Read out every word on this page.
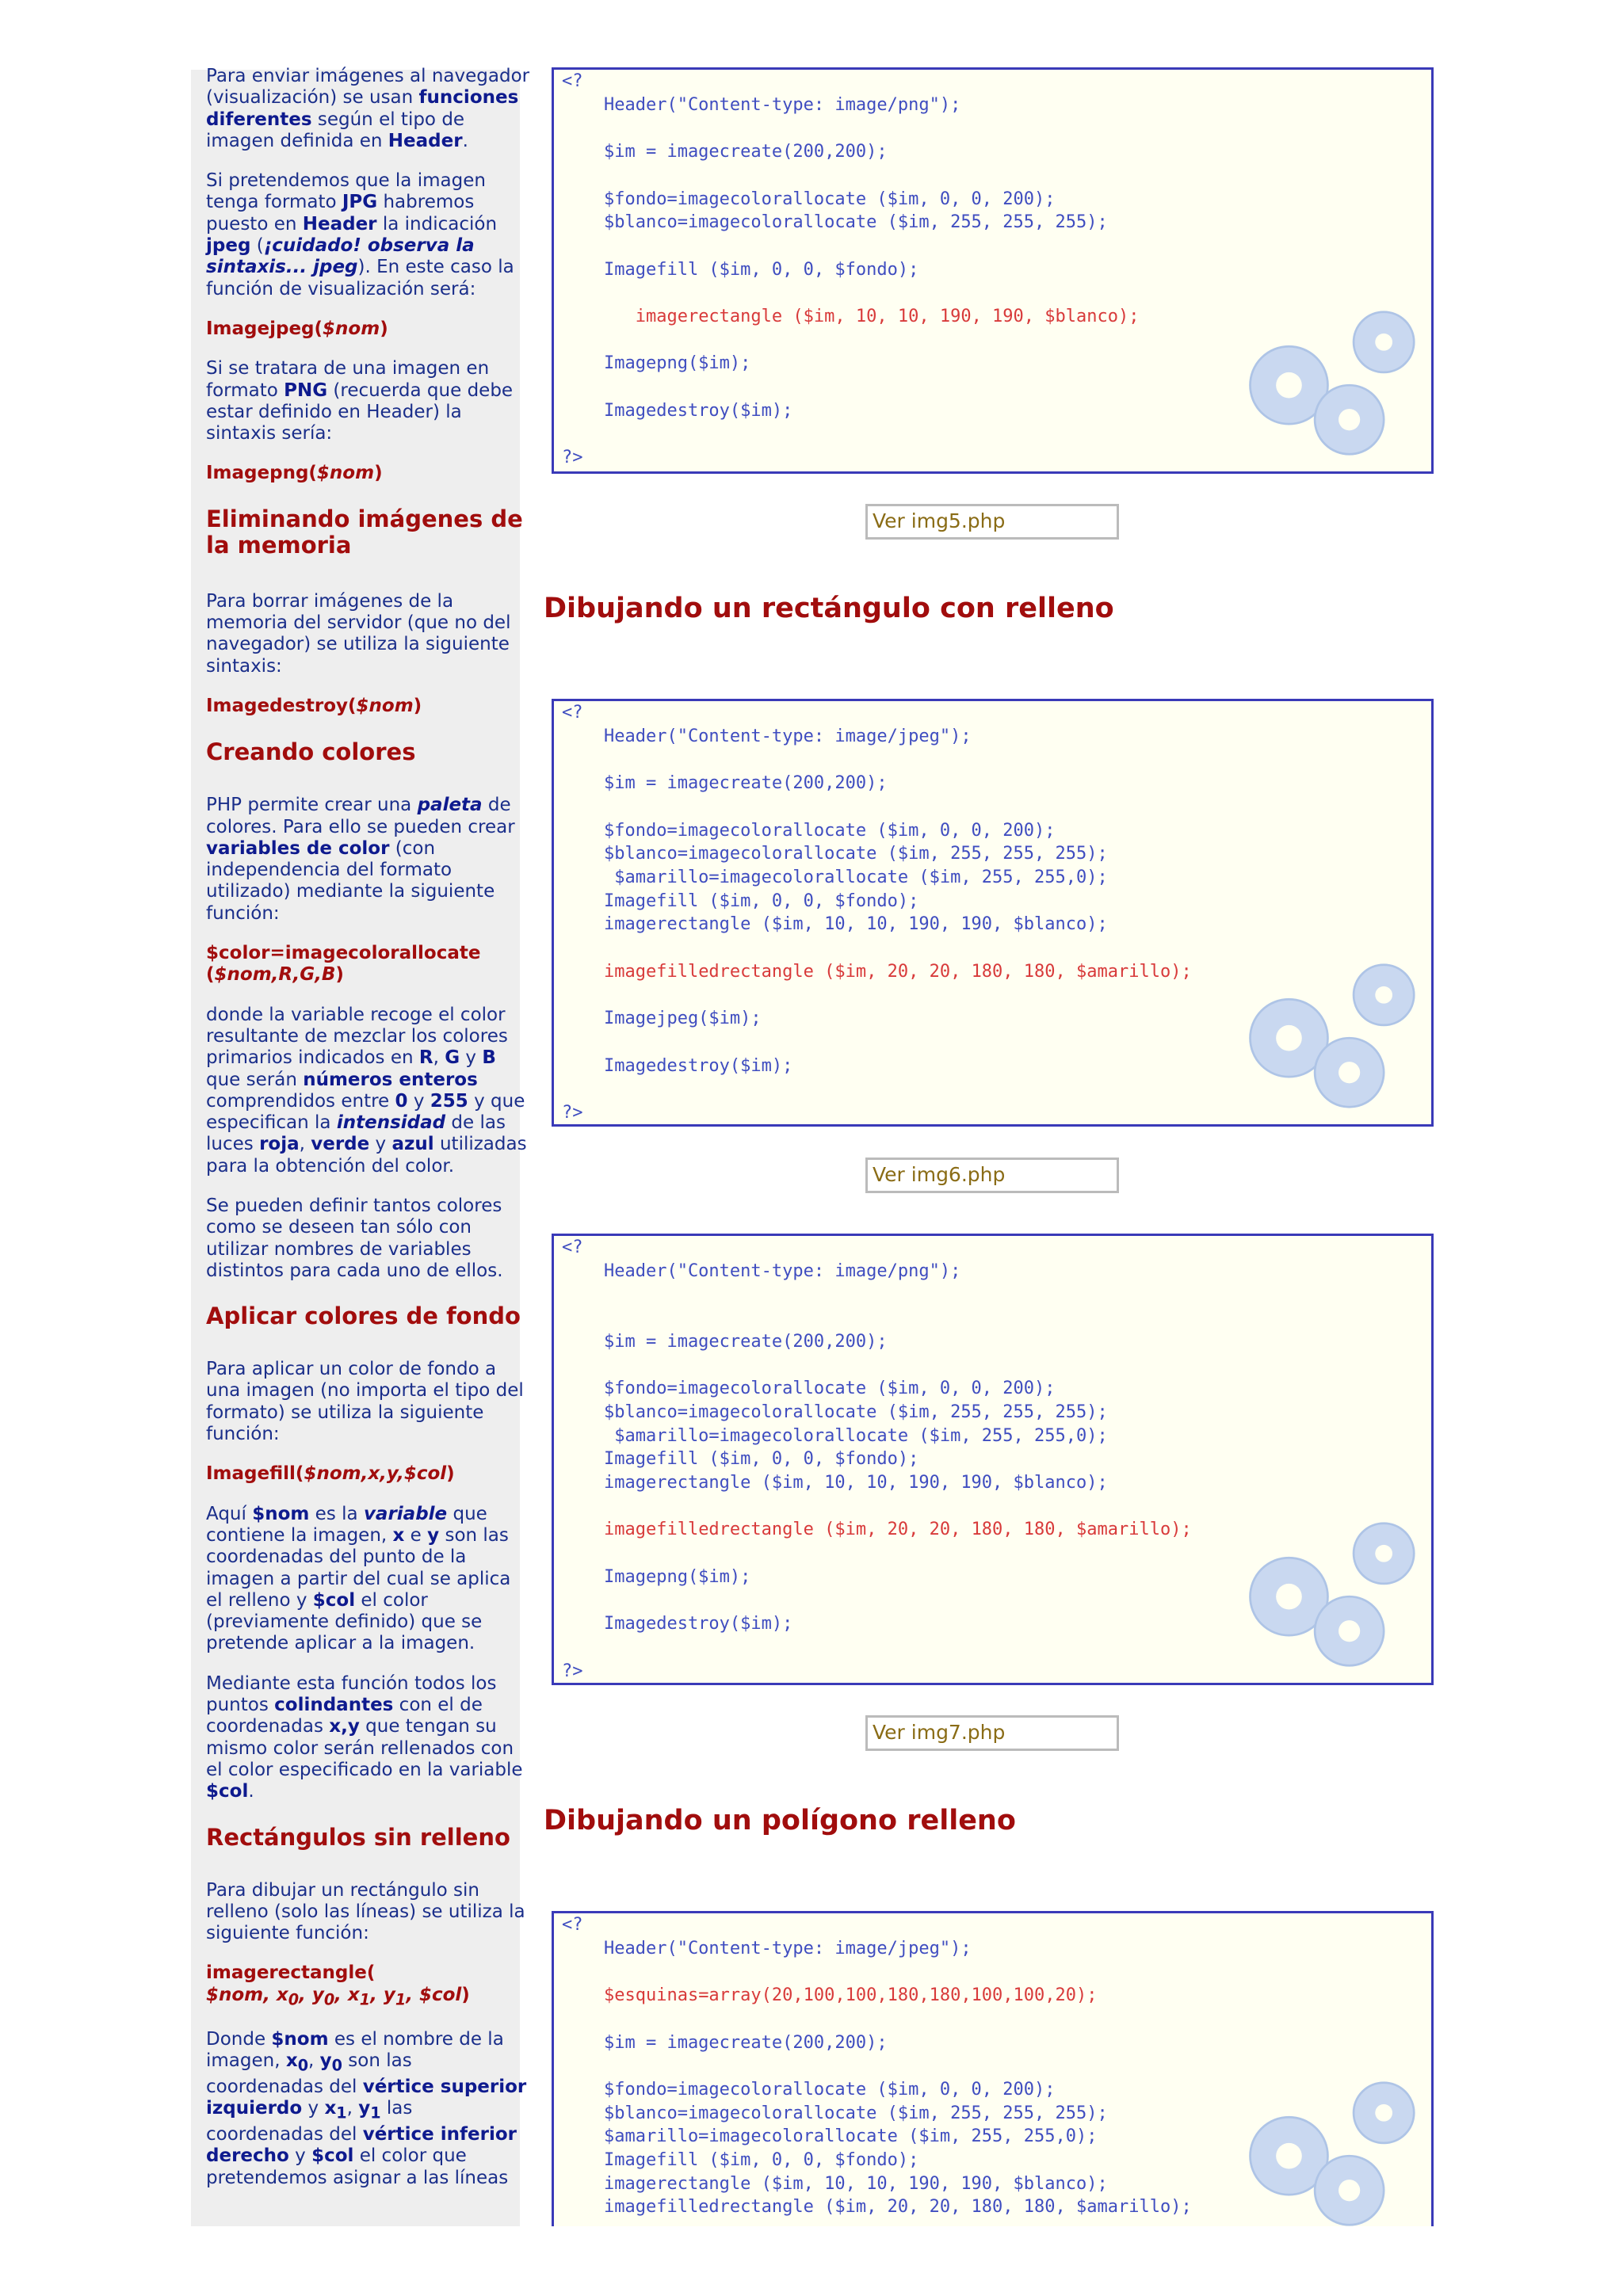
Para enviar imágenes al navegador (visualización) se usan funciones diferentes según el tipo de imagen definida en Header.

Si pretendemos que la imagen tenga formato JPG habremos puesto en Header la indicación jpeg (¡cuidado! observa la sintaxis... jpeg). En este caso la función de visualización será:

Imagejpeg($nom)

Si se tratara de una imagen en formato PNG (recuerda que debe estar definido en Header) la sintaxis sería:

Imagepng($nom)
Eliminando imágenes de la memoria

Para borrar imágenes de la memoria del servidor (que no del navegador) se utiliza la siguiente sintaxis:

Imagedestroy($nom)
Creando colores

PHP permite crear una paleta de colores. Para ello se pueden crear variables de color (con independencia del formato utilizado) mediante la siguiente función:

$color=imagecolorallocate ($nom,R,G,B)

donde la variable recoge el color resultante de mezclar los colores primarios indicados en R, G y B que serán números enteros comprendidos entre 0 y 255 y que especifican la intensidad de las luces roja, verde y azul utilizadas para la obtención del color.

Se pueden definir tantos colores como se deseen tan sólo con utilizar nombres de variables distintos para cada uno de ellos.

Aplicar colores de fondo

Para aplicar un color de fondo a una imagen (no importa el tipo del formato) se utiliza la siguiente función:

Imagefill($nom,x,y,$col)

Aquí $nom es la variable que contiene la imagen, x e y son las coordenadas del punto de la imagen a partir del cual se aplica el relleno y $col el color (previamente definido) que se pretende aplicar a la imagen.

Mediante esta función todos los puntos colindantes con el de coordenadas x,y que tengan su mismo color serán rellenados con el color especificado en la variable $col.

Rectángulos sin relleno

Para dibujar un rectángulo sin relleno (solo las líneas) se utiliza la siguiente función:

imagerectangle(
$nom, $x_0$, $y_0$, $x_1$, $y_1$, $col)

Donde $nom es el nombre de la imagen, $x_0$, $y_0$ son las coordenadas del vértice superior izquierdo y $x_1$, $y_1$ las coordenadas del vértice inferior derecho y $col el color que pretendemos asignar a las líneas

<?
Header("Content-type: image/png");

$im = imagecreate(200,200);

$fondo=imagecolorallocate ($im, 0, 0, 200);
$blanco=imagecolorallocate ($im, 255, 255, 255);

Imagefill ($im, 0, 0, $fondo);

imagerectangle ($im, 10, 10, 190, 190, $blanco);

Imagepng($im);

Imagedestroy($im);

?>
Ver img5.php
Dibujando un rectángulo con relleno
<?
Header("Content-type: image/jpeg");

$im = imagecreate(200,200);

$fondo=imagecolorallocate ($im, 0, 0, 200);
$blanco=imagecolorallocate ($im, 255, 255, 255);
$amarillo=imagecolorallocate ($im, 255, 255,0);
Imagefill ($im, 0, 0, $fondo);
imagerectangle ($im, 10, 10, 190, 190, $blanco);

imagefilledrectangle ($im, 20, 20, 180, 180, $amarillo);

Imagejpeg($im);

Imagedestroy($im);

?>
Ver img6.php
<?
Header("Content-type: image/png");

$im = imagecreate(200,200);

$fondo=imagecolorallocate ($im, 0, 0, 200);
$blanco=imagecolorallocate ($im, 255, 255, 255);
$amarillo=imagecolorallocate ($im, 255, 255,0);
Imagefill ($im, 0, 0, $fondo);
imagerectangle ($im, 10, 10, 190, 190, $blanco);

imagefilledrectangle ($im, 20, 20, 180, 180, $amarillo);

Imagepng($im);

Imagedestroy($im);

?>
Ver img7.php
Dibujando un polígono relleno
<?
Header("Content-type: image/jpeg");

$esquinas=array(20,100,100,180,180,100,100,20);

$im = imagecreate(200,200);

$fondo=imagecolorallocate ($im, 0, 0, 200);
$blanco=imagecolorallocate ($im, 255, 255, 255);
$amarillo=imagecolorallocate ($im, 255, 255,0);
Imagefill ($im, 0, 0, $fondo);
imagerectangle ($im, 10, 10, 190, 190, $blanco);
imagefilledrectangle ($im, 20, 20, 180, 180, $amarillo);
